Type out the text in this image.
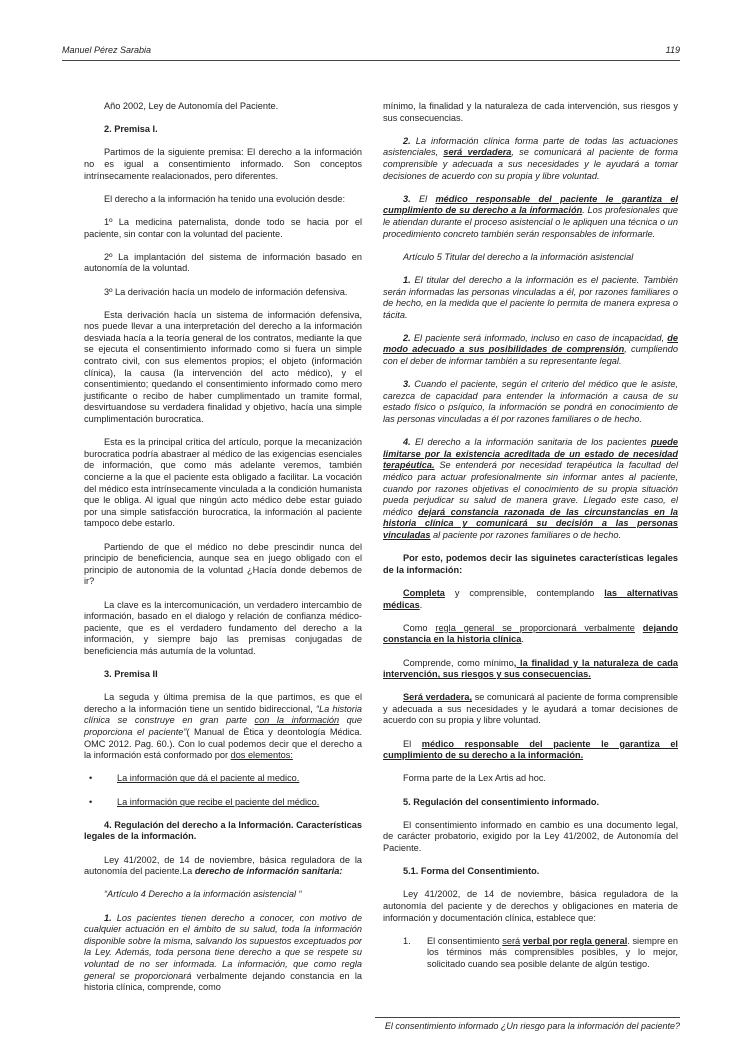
Manuel Pérez Sarabia	119

Año 2002, Ley de Autonomía del Paciente.

2. Premisa I.

Partimos de la siguiente premisa: El derecho a la información no es igual a consentimiento informado. Son conceptos intrínsecamente realacionados, pero diferentes.

El derecho a la información ha tenido una evolución desde:

1º La medicina paternalista, donde todo se hacia por el paciente, sin contar con la voluntad del paciente.

2º La implantación del sistema de información basado en autonomía de la voluntad.

3º La derivación hacía un modelo de información defensiva.

Esta derivación hacía un sistema de información defensiva, nos puede llevar a una interpretación del derecho a la información desviada hacía a la teoría general de los contratos, mediante la que se ejecuta el consentimiento informado como si fuera un simple contrato civil, con sus elementos propios; el objeto (información clínica), la causa (la intervención del acto médico), y el consentimiento; quedando el consentimiento informado como mero justificante o recibo de haber cumplimentado un tramite formal, desvirtuandose su verdadera finalidad y objetivo, hacía una simple cumplimentación burocratica.

Esta es la principal crítica del artículo, porque la mecanización burocratica podría abastraer al médico de las exigencias esenciales de información, que como más adelante veremos, también concierne a la que el paciente esta obligado a facilitar. La vocación del médico esta intrínsecamente vinculada a la condición humanista que le obliga. Al igual que ningún acto médico debe estar guiado por una simple satisfacción burocratica, la información al paciente tampoco debe estarlo.

Partiendo de que el médico no debe prescindir nunca del principio de beneficiencia, aunque sea en juego obligado con el principio de autonomia de la voluntad ¿Hacía donde debemos de ir?

La clave es la intercomunicación, un verdadero intercambio de información, basado en el dialogo y relación de confianza médico-paciente, que es el verdadero fundamento del derecho a la información, y siempre bajo las premisas conjugadas de beneficiencia más autumía de la voluntad.

3. Premisa II

La seguda y última premisa de la que partimos, es que el derecho a la información tiene un sentido bidireccional, “La historia clínica se construye en gran parte con la información que proporciona el paciente”( Manual de Ética y deontología Médica. OMC 2012. Pag. 60.). Con lo cual podemos decir que el derecho a la información está conformado por dos elementos:

•	La información que dá el paciente al medico.
•	La información que recibe el paciente del médico.
4. Regulación del derecho a la Información. Características legales de la información.

Ley 41/2002, de 14 de noviembre, básica reguladora de la autonomía del paciente.La derecho de información sanitaria:

“Artículo 4 Derecho a la información asistencial “

1. Los pacientes tienen derecho a conocer, con motivo de cualquier actuación en el ámbito de su salud, toda la información disponible sobre la misma, salvando los supuestos exceptuados por la Ley. Además, toda persona tiene derecho a que se respete su voluntad de no ser informada. La información, que como regla general se proporcionará verbalmente dejando constancia en la historia clínica, comprende, como

mínimo, la finalidad y la naturaleza de cada intervención, sus riesgos y sus consecuencias.

2. La información clínica forma parte de todas las actuaciones asistenciales, será verdadera, se comunicará al paciente de forma comprensible y adecuada a sus necesidades y le ayudará a tomar decisiones de acuerdo con su propia y libre voluntad.

3. El médico responsable del paciente le garantiza el cumplimiento de su derecho a la información. Los profesionales que le atiendan durante el proceso asistencial o le apliquen una técnica o un procedimiento concreto también serán responsables de informarle.

Artículo 5 Titular del derecho a la información asistencial

1. El titular del derecho a la información es el paciente. También serán informadas las personas vinculadas a él, por razones familiares o de hecho, en la medida que el paciente lo permita de manera expresa o tácita.

2. El paciente será informado, incluso en caso de incapacidad, de modo adecuado a sus posibilidades de comprensión, cumpliendo con el deber de informar también a su representante legal.

3. Cuando el paciente, según el criterio del médico que le asiste, carezca de capacidad para entender la información a causa de su estado físico o psíquico, la información se pondrá en conocimiento de las personas vinculadas a él por razones familiares o de hecho.

4. El derecho a la información sanitaria de los pacientes puede limitarse por la existencia acreditada de un estado de necesidad terapéutica. Se entenderá por necesidad terapéutica la facultad del médico para actuar profesionalmente sin informar antes al paciente, cuando por razones objetivas el conocimiento de su propia situación pueda perjudicar su salud de manera grave. Llegado este caso, el médico dejará constancia razonada de las circunstancias en la historia clínica y comunicará su decisión a las personas vinculadas al paciente por razones familiares o de hecho.

Por esto, podemos decir las siguinetes características legales de la información:

Completa y comprensible, contemplando las alternativas médicas.

Como regla general se proporcionará verbalmente dejando constancia en la historia clínica.

Comprende, como mínimo, la finalidad y la naturaleza de cada intervención, sus riesgos y sus consecuencias.

Será verdadera, se comunicará al paciente de forma comprensible y adecuada a sus necesidades y le ayudará a tomar decisiones de acuerdo con su propia y libre voluntad.

El médico responsable del paciente le garantiza el cumplimiento de su derecho a la información.

Forma parte de la Lex Artis ad hoc.

5. Regulación del consentimiento informado.

El consentimiento informado en cambio es una documento legal, de carácter probatorio, exigido por la Ley 41/2002, de Autonomía del Paciente.

5.1. Forma del Consentimiento.

Ley 41/2002, de 14 de noviembre, básica reguladora de la autonomía del paciente y de derechos y obligaciones en materia de información y documentación clínica, establece que:

1.	El consentimiento será verbal por regla general. siempre en los términos más comprensibles posibles, y lo mejor, solicitado cuando sea posible delante de algún testigo.
El consentimiento informado ¿Un riesgo para la información del paciente?
